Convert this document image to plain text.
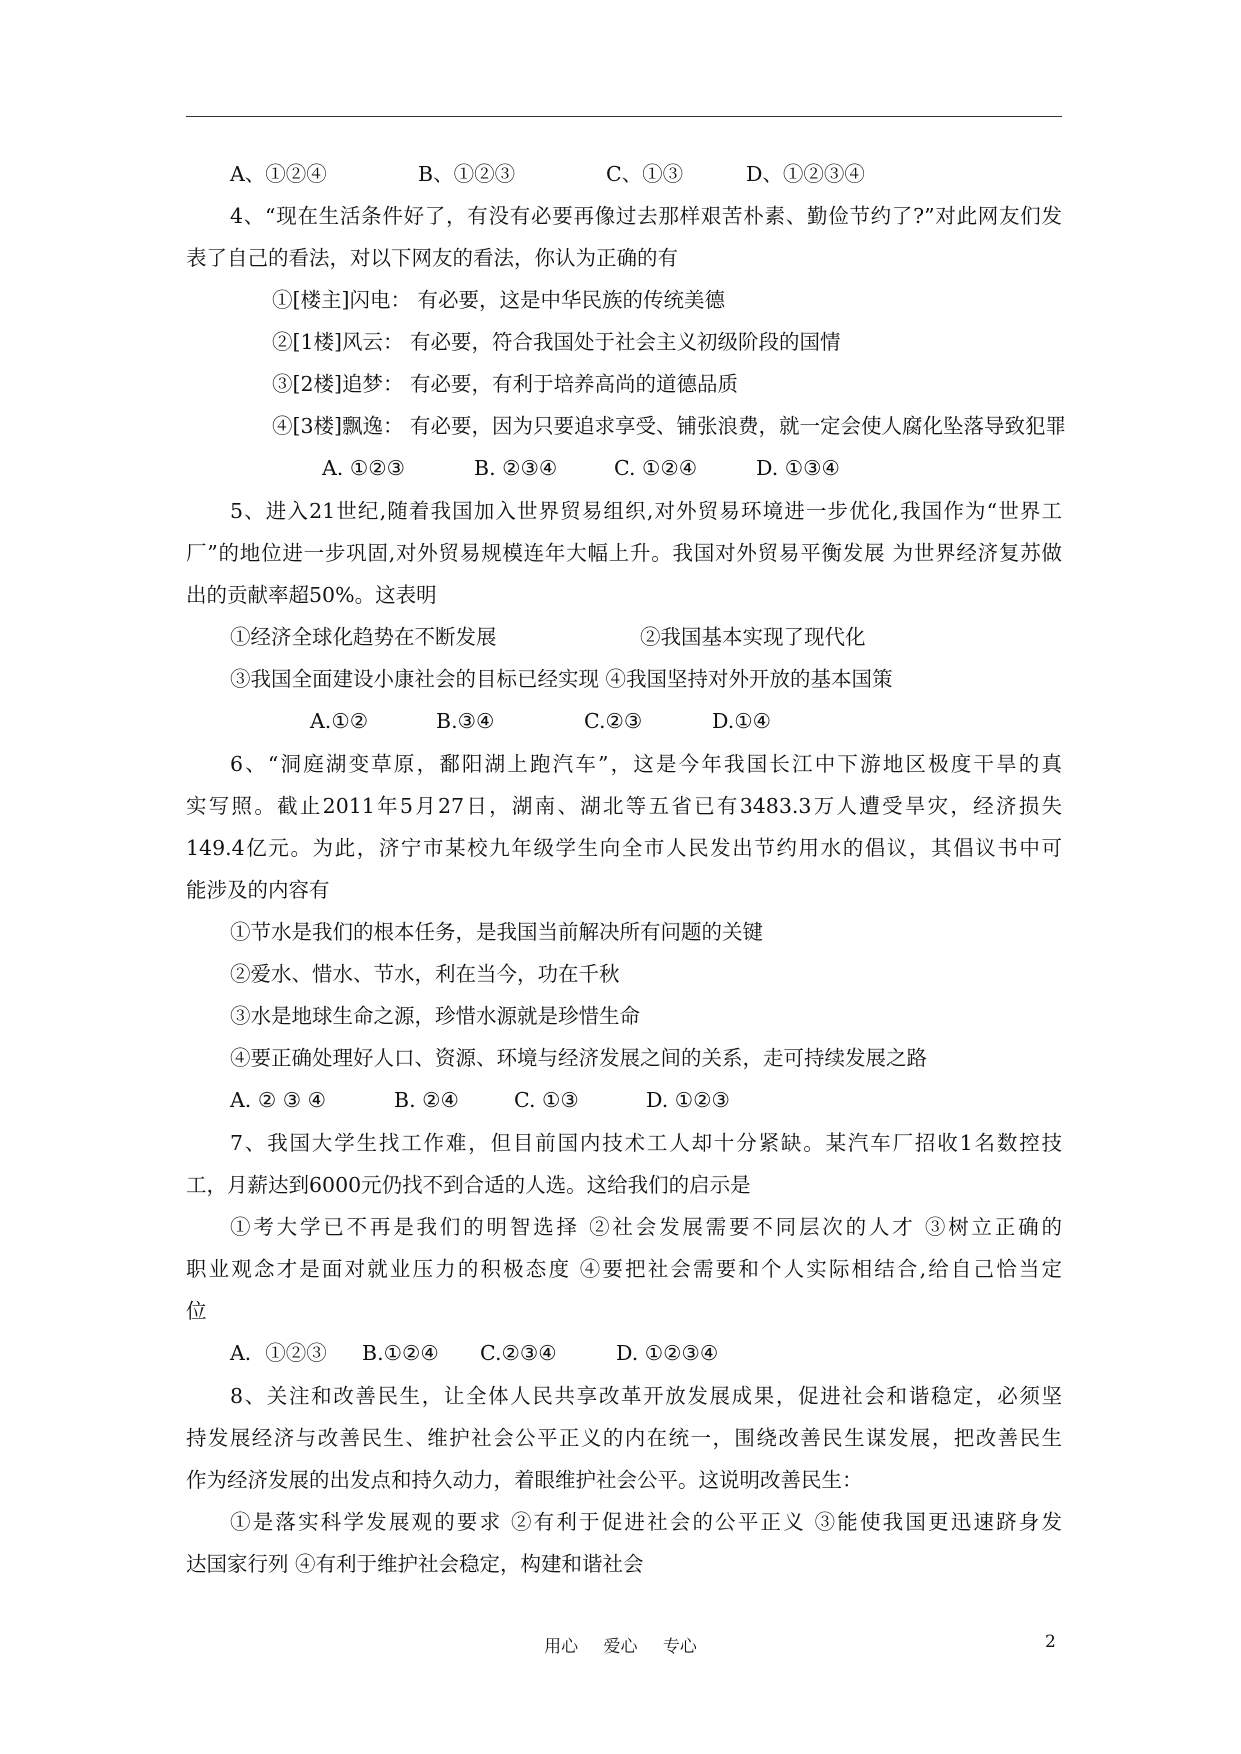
A、①②④	B、①②③	C、①③	D、①②③④
4、“现在生活条件好了，有没有必要再像过去那样艰苦朴素、勤俭节约了?”对此网友们发
表了自己的看法，对以下网友的看法，你认为正确的有
①[楼主]闪电： 有必要，这是中华民族的传统美德
②[1楼]风云： 有必要，符合我国处于社会主义初级阶段的国情
③[2楼]追梦： 有必要，有利于培养高尚的道德品质
④[3楼]飘逸： 有必要，因为只要追求享受、铺张浪费，就一定会使人腐化坠落导致犯罪
A. ①②③	B. ②③④	C. ①②④	D. ①③④
5、进入21世纪,随着我国加入世界贸易组织,对外贸易环境进一步优化,我国作为“世界工
厂”的地位进一步巩固,对外贸易规模连年大幅上升。我国对外贸易平衡发展 为世界经济复苏做
出的贡献率超50%。这表明
①经济全球化趋势在不断发展	②我国基本实现了现代化
③我国全面建设小康社会的目标已经实现 ④我国坚持对外开放的基本国策
A.①②	B.③④	C.②③	D.①④
6、“洞庭湖变草原，鄱阳湖上跑汽车”，这是今年我国长江中下游地区极度干旱的真
实写照。截止2011年5月27日，湖南、湖北等五省已有3483.3万人遭受旱灾，经济损失
149.4亿元。为此，济宁市某校九年级学生向全市人民发出节约用水的倡议，其倡议书中可
能涉及的内容有
①节水是我们的根本任务，是我国当前解决所有问题的关键
②爱水、惜水、节水，利在当今，功在千秋
③水是地球生命之源，珍惜水源就是珍惜生命
④要正确处理好人口、资源、环境与经济发展之间的关系，走可持续发展之路
A. ② ③ ④	B. ②④	C. ①③	D. ①②③
7、我国大学生找工作难，但目前国内技术工人却十分紧缺。某汽车厂招收1名数控技
工，月薪达到6000元仍找不到合适的人选。这给我们的启示是
①考大学已不再是我们的明智选择 ②社会发展需要不同层次的人才 ③树立正确的
职业观念才是面对就业压力的积极态度 ④要把社会需要和个人实际相结合,给自己恰当定
位
A．①②③ B.①②④ C.②③④	D. ①②③④
8、关注和改善民生，让全体人民共享改革开放发展成果，促进社会和谐稳定，必须坚
持发展经济与改善民生、维护社会公平正义的内在统一，围绕改善民生谋发展，把改善民生
作为经济发展的出发点和持久动力，着眼维护社会公平。这说明改善民生：
①是落实科学发展观的要求 ②有利于促进社会的公平正义 ③能使我国更迅速跻身发
达国家行列 ④有利于维护社会稳定，构建和谐社会
用心 爱心 专心	2
